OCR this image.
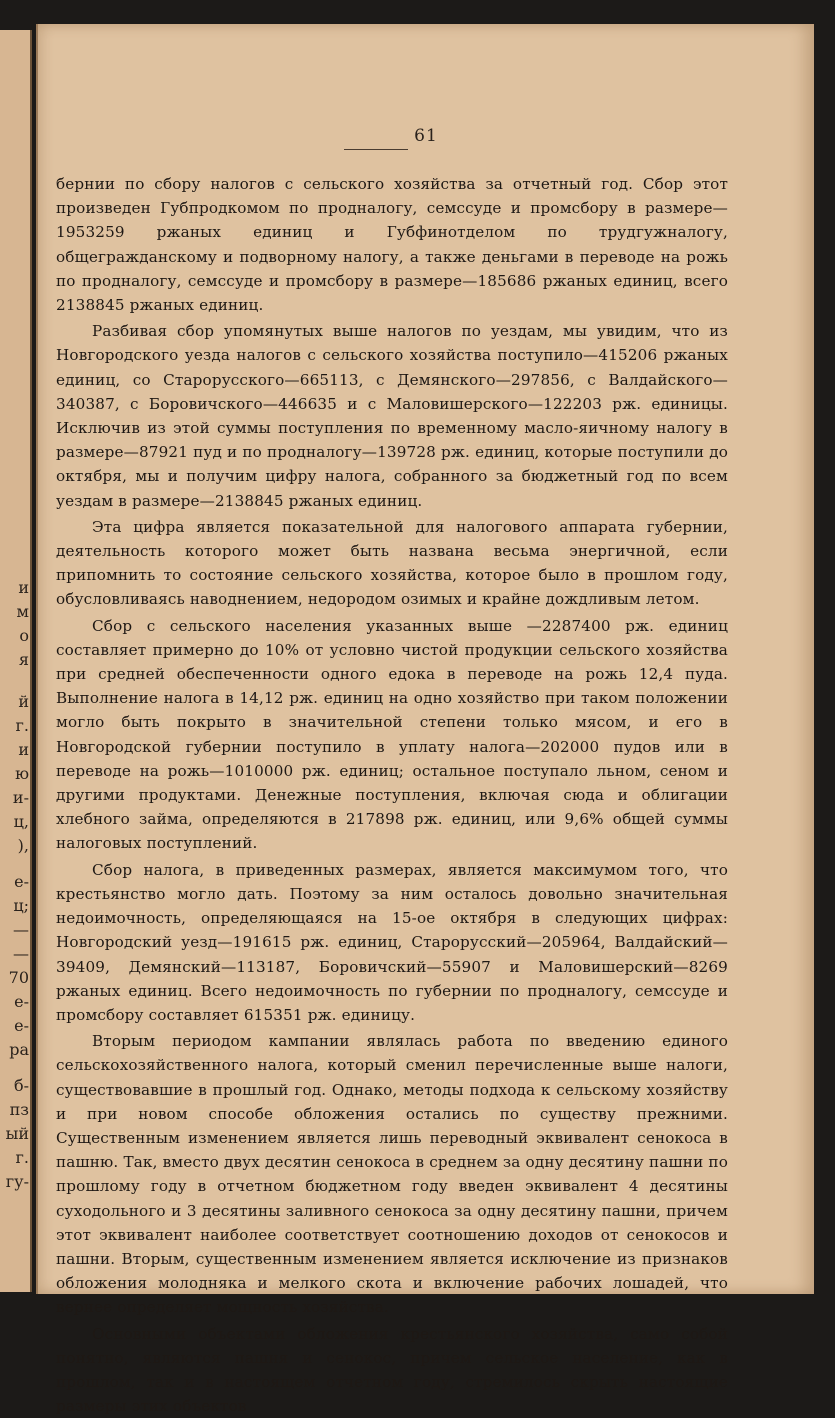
и
м
о
я
й
г.
и
ю
и-
ц,
),
е-
ц;
—
—
70
е-
е-
ра
б-
пз
ый
г.
гу-
61

бернии по сбору налогов с сельского хозяйства за отчетный год. Сбор этот произведен Губпродкомом по продналогу, семссуде и промсбору в размере—1953259 ржаных единиц и Губфинотделом по трудгужналогу, общегражданскому и подворному налогу, а также деньгами в переводе на рожь по продналогу, семссуде и промсбору в размере—185686 ржаных единиц, всего 2138845 ржаных единиц.

Разбивая сбор упомянутых выше налогов по уездам, мы увидим, что из Новгородского уезда налогов с сельского хозяйства поступило—415206 ржаных единиц, со Старорусского—665113, с Демянского—297856, с Валдайского—340387, с Боровичского—446635 и с Маловишерского—122203 рж. единицы. Исключив из этой суммы поступления по временному масло-яичному налогу в размере—87921 пуд и по продналогу—139728 рж. единиц, которые поступили до октября, мы и получим цифру налога, собранного за бюджетный год по всем уездам в размере—2138845 ржаных единиц.

Эта цифра является показательной для налогового аппарата губернии, деятельность которого может быть названа весьма энергичной, если припомнить то состояние сельского хозяйства, которое было в прошлом году, обусловливаясь наводнением, недородом озимых и крайне дождливым летом.

Сбор с сельского населения указанных выше —2287400 рж. единиц составляет примерно до 10% от условно чистой продукции сельского хозяйства при средней обеспеченности одного едока в переводе на рожь 12,4 пуда. Выполнение налога в 14,12 рж. единиц на одно хозяйство при таком положении могло быть покрыто в значительной степени только мясом, и его в Новгородской губернии поступило в уплату налога—202000 пудов или в переводе на рожь—1010000 рж. единиц; остальное поступало льном, сеном и другими продуктами. Денежные поступления, включая сюда и облигации хлебного займа, определяются в 217898 рж. единиц, или 9,6% общей суммы налоговых поступлений.

Сбор налога, в приведенных размерах, является максимумом того, что крестьянство могло дать. Поэтому за ним осталось довольно значительная недоимочность, определяющаяся на 15-ое октября в следующих цифрах: Новгородский уезд—191615 рж. единиц, Старорусский—205964, Валдайский—39409, Демянский—113187, Боровичский—55907 и Маловишерский—8269 ржаных единиц. Всего недоимочность по губернии по продналогу, семссуде и промсбору составляет 615351 рж. единицу.

Вторым периодом кампании являлась работа по введению единого сельскохозяйственного налога, который сменил перечисленные выше налоги, существовавшие в прошлый год. Однако, методы подхода к сельскому хозяйству и при новом способе обложения остались по существу прежними. Существенным изменением является лишь переводный эквивалент сенокоса в пашню. Так, вместо двух десятин сенокоса в среднем за одну десятину пашни по прошлому году в отчетном бюджетном году введен эквивалент 4 десятины суходольного и 3 десятины заливного сенокоса за одну десятину пашни, причем этот эквивалент наиболее соответствует соотношению доходов от сенокосов и пашни. Вторым, существенным изменением является исключение из признаков обложения молодняка и мелкого скота и включение рабочих лошадей, что вернее определяет мощность хозяйства.

Основными объектами обложения крестьянского хозяйства, само собой понятно, являются пашня и сенокос, причем сельское население, как в прошлом, так и в настоящем отчетном году, стремилось скрыть настоящие размеры этих объектов
